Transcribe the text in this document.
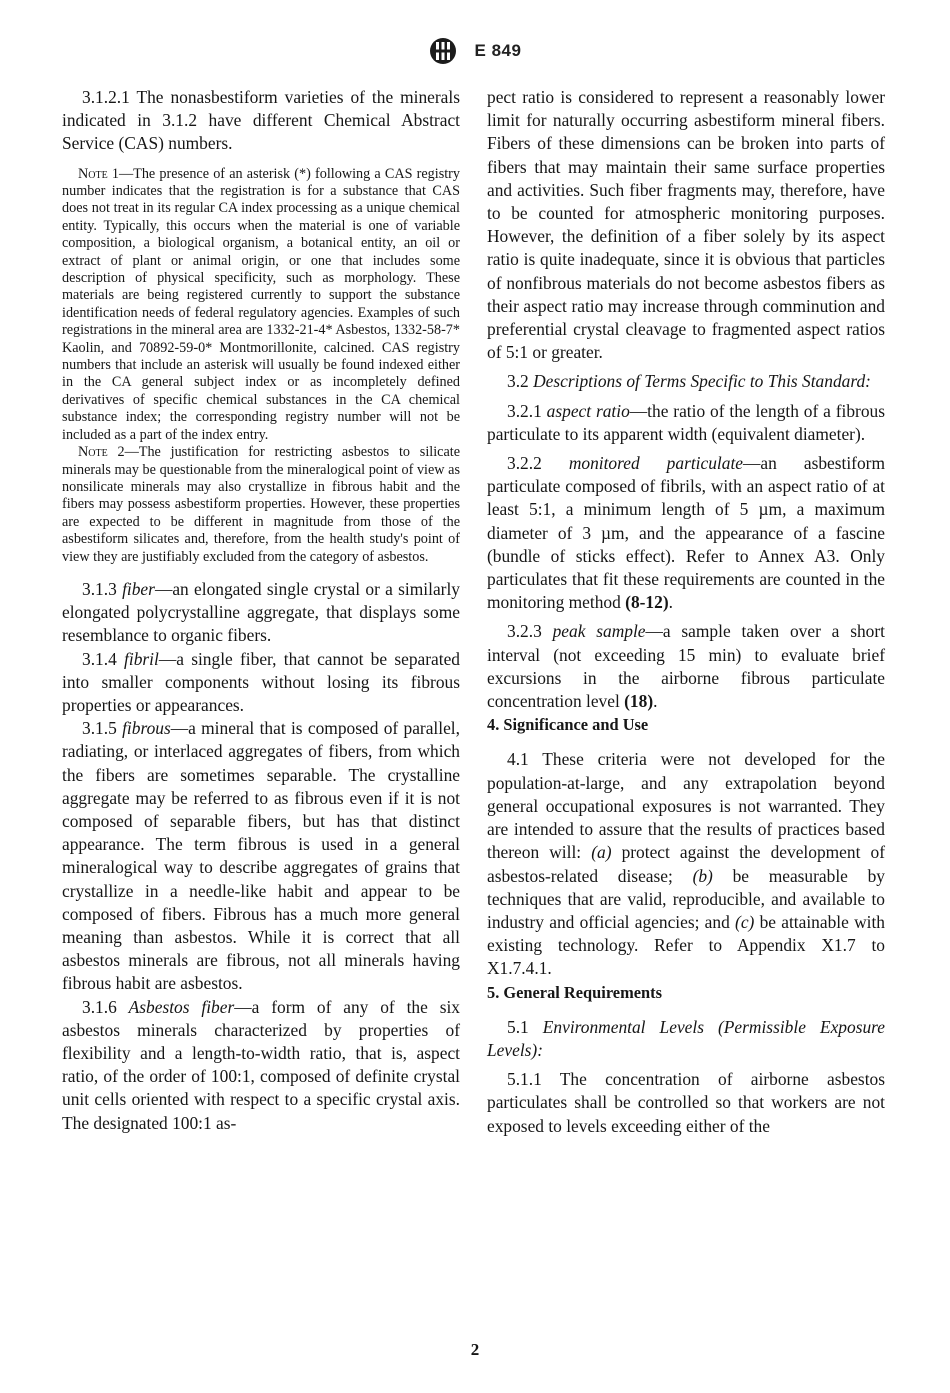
E 849

3.1.2.1 The nonasbestiform varieties of the minerals indicated in 3.1.2 have different Chemical Abstract Service (CAS) numbers.

Note 1—The presence of an asterisk (*) following a CAS registry number indicates that the registration is for a substance that CAS does not treat in its regular CA index processing as a unique chemical entity. Typically, this occurs when the material is one of variable composition, a biological organism, a botanical entity, an oil or extract of plant or animal origin, or one that includes some description of physical specificity, such as morphology. These materials are being registered currently to support the substance identification needs of federal regulatory agencies. Examples of such registrations in the mineral area are 1332-21-4* Asbestos, 1332-58-7* Kaolin, and 70892-59-0* Montmorillonite, calcined. CAS registry numbers that include an asterisk will usually be found indexed either in the CA general subject index or as incompletely defined derivatives of specific chemical substances in the CA chemical substance index; the corresponding registry number will not be included as a part of the index entry.

Note 2—The justification for restricting asbestos to silicate minerals may be questionable from the mineralogical point of view as nonsilicate minerals may also crystallize in fibrous habit and the fibers may possess asbestiform properties. However, these properties are expected to be different in magnitude from those of the asbestiform silicates and, therefore, from the health study's point of view they are justifiably excluded from the category of asbestos.

3.1.3 fiber—an elongated single crystal or a similarly elongated polycrystalline aggregate, that displays some resemblance to organic fibers.

3.1.4 fibril—a single fiber, that cannot be separated into smaller components without losing its fibrous properties or appearances.

3.1.5 fibrous—a mineral that is composed of parallel, radiating, or interlaced aggregates of fibers, from which the fibers are sometimes separable. The crystalline aggregate may be referred to as fibrous even if it is not composed of separable fibers, but has that distinct appearance. The term fibrous is used in a general mineralogical way to describe aggregates of grains that crystallize in a needle-like habit and appear to be composed of fibers. Fibrous has a much more general meaning than asbestos. While it is correct that all asbestos minerals are fibrous, not all minerals having fibrous habit are asbestos.

3.1.6 Asbestos fiber—a form of any of the six asbestos minerals characterized by properties of flexibility and a length-to-width ratio, that is, aspect ratio, of the order of 100:1, composed of definite crystal unit cells oriented with respect to a specific crystal axis. The designated 100:1 as-

pect ratio is considered to represent a reasonably lower limit for naturally occurring asbestiform mineral fibers. Fibers of these dimensions can be broken into parts of fibers that may maintain their same surface properties and activities. Such fiber fragments may, therefore, have to be counted for atmospheric monitoring purposes. However, the definition of a fiber solely by its aspect ratio is quite inadequate, since it is obvious that particles of nonfibrous materials do not become asbestos fibers as their aspect ratio may increase through comminution and preferential crystal cleavage to fragmented aspect ratios of 5:1 or greater.

3.2 Descriptions of Terms Specific to This Standard:

3.2.1 aspect ratio—the ratio of the length of a fibrous particulate to its apparent width (equivalent diameter).

3.2.2 monitored particulate—an asbestiform particulate composed of fibrils, with an aspect ratio of at least 5:1, a minimum length of 5 µm, a maximum diameter of 3 µm, and the appearance of a fascine (bundle of sticks effect). Refer to Annex A3. Only particulates that fit these requirements are counted in the monitoring method (8-12).

3.2.3 peak sample—a sample taken over a short interval (not exceeding 15 min) to evaluate brief excursions in the airborne fibrous particulate concentration level (18).

4. Significance and Use

4.1 These criteria were not developed for the population-at-large, and any extrapolation beyond general occupational exposures is not warranted. They are intended to assure that the results of practices based thereon will: (a) protect against the development of asbestos-related disease; (b) be measurable by techniques that are valid, reproducible, and available to industry and official agencies; and (c) be attainable with existing technology. Refer to Appendix X1.7 to X1.7.4.1.

5. General Requirements

5.1 Environmental Levels (Permissible Exposure Levels):

5.1.1 The concentration of airborne asbestos particulates shall be controlled so that workers are not exposed to levels exceeding either of the

2
